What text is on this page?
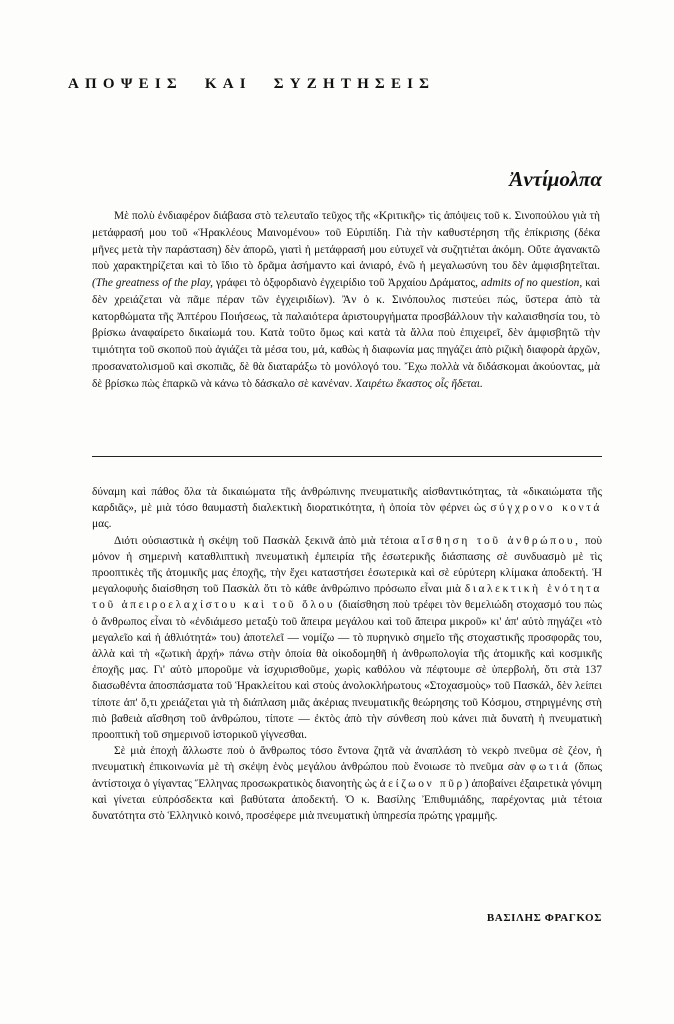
ΑΠΟΨΕΙΣ ΚΑΙ ΣΥΖΗΤΗΣΕΙΣ
Ἀντίμολπα

Μὲ πολὺ ἐνδιαφέρον διάβασα στὸ τελευταῖο τεῦχος τῆς «Κριτικῆς» τὶς ἀπόψεις τοῦ κ. Σινοπούλου γιὰ τὴ μετάφρασή μου τοῦ «Ἡρακλέους Μαινομένου» τοῦ Εὐριπίδη. Γιὰ τὴν καθυστέρηση τῆς ἐπίκρισης (δέκα μῆνες μετὰ τὴν παράσταση) δὲν ἀπορῶ, γιατὶ ἡ μετάφρασή μου εὐτυχεῖ νὰ συζητιέται ἀκόμη. Οὔτε ἀγανακτῶ ποὺ χαρακτηρίζεται καὶ τὸ ἴδιο τὸ δρᾶμα ἀσήμαντο καὶ ἀνιαρό, ἐνῶ ἡ μεγαλωσύνη του δὲν ἀμφισβητεῖται. (The greatness of the play, γράφει τὸ ὀξφορδιανὸ ἐγχειρίδιο τοῦ Ἀρχαίου Δράματος, admits of no question, καὶ δὲν χρειάζεται νὰ πᾶμε πέραν τῶν ἐγχειριδίων). Ἂν ὁ κ. Σινόπουλος πιστεύει πώς, ὕστερα ἀπὸ τὰ κατορθώματα τῆς Ἀπτέρου Ποιήσεως, τὰ παλαιότερα ἀριστουργήματα προσβάλλουν τὴν καλαισθησία του, τὸ βρίσκω ἀναφαίρετο δικαίωμά του. Κατὰ τοῦτο ὅμως καὶ κατὰ τὰ ἄλλα ποὺ ἐπιχειρεῖ, δὲν ἀμφισβητῶ τὴν τιμιότητα τοῦ σκοποῦ ποὺ ἁγιάζει τὰ μέσα του, μά, καθὼς ἡ διαφωνία μας πηγάζει ἀπὸ ριζικὴ διαφορὰ ἀρχῶν, προσανατολισμοῦ καὶ σκοπιᾶς, δὲ θὰ διαταράξω τὸ μονόλογό του. Ἔχω πολλὰ νὰ διδάσκομαι ἀκούοντας, μὰ δὲ βρίσκω πὼς ἐπαρκῶ νὰ κάνω τὸ δάσκαλο σὲ κανέναν. Χαιρέτω ἕκαστος οἷς ἥδεται.

δύναμη καὶ πάθος ὅλα τὰ δικαιώματα τῆς ἀνθρώπινης πνευματικῆς αἰσθαντικότητας, τὰ «δικαιώματα τῆς καρδιᾶς», μὲ μιὰ τόσο θαυμαστὴ διαλεκτικὴ διορατικότητα, ἡ ὁποία τὸν φέρνει ὡς σύγχρονο κοντά μας.

Διότι οὐσιαστικὰ ἡ σκέψη τοῦ Πασκὰλ ξεκινᾶ ἀπὸ μιὰ τέτοια αἴσθηση τοῦ ἀνθρώπου, ποὺ μόνον ἡ σημερινὴ καταθλιπτικὴ πνευματικὴ ἐμπειρία τῆς ἐσωτερικῆς διάσπασης σὲ συνδυασμὸ μὲ τὶς προοπτικὲς τῆς ἀτομικῆς μας ἐποχῆς, τὴν ἔχει καταστήσει ἐσωτερικὰ καὶ σὲ εὐρύτερη κλίμακα ἀποδεκτή. Ἡ μεγαλοφυὴς διαίσθηση τοῦ Πασκὰλ ὅτι τὸ κάθε ἀνθρώπινο πρόσωπο εἶναι μιὰ διαλεκτικὴ ἑνότητα τοῦ ἀπειροελαχίστου καὶ τοῦ ὅλου (διαίσθηση ποὺ τρέφει τὸν θεμελιώδη στοχασμό του πὼς ὁ ἄνθρωπος εἶναι τὸ «ἐνδιάμεσο μεταξὺ τοῦ ἄπειρα μεγάλου καὶ τοῦ ἄπειρα μικροῦ» κι' ἀπ' αὐτὸ πηγάζει «τὸ μεγαλεῖο καὶ ἡ ἀθλιότητά» του) ἀποτελεῖ — νομίζω — τὸ πυρηνικὸ σημεῖο τῆς στοχαστικῆς προσφορᾶς του, ἀλλὰ καὶ τὴ «ζωτικὴ ἀρχή» πάνω στὴν ὁποία θὰ οἰκοδομηθῆ ἡ ἀνθρωπολογία τῆς ἀτομικῆς καὶ κοσμικῆς ἐποχῆς μας. Γι' αὐτὸ μποροῦμε νὰ ἰσχυρισθοῦμε, χωρὶς καθόλου νὰ πέφτουμε σὲ ὑπερβολή, ὅτι στὰ 137 διασωθέντα ἀποσπάσματα τοῦ Ἡρακλείτου καὶ στοὺς ἀνολοκλήρωτους «Στοχασμοὺς» τοῦ Πασκάλ, δὲν λείπει τίποτε ἀπ' ὅ,τι χρειάζεται γιὰ τὴ διάπλαση μιᾶς ἀκέριας πνευματικῆς θεώρησης τοῦ Κόσμου, στηριγμένης στὴ πιὸ βαθειὰ αἴσθηση τοῦ ἀνθρώπου, τίποτε — ἐκτὸς ἀπὸ τὴν σύνθεση ποὺ κάνει πιὰ δυνατὴ ἡ πνευματικὴ προοπτικὴ τοῦ σημερινοῦ ἱστορικοῦ γίγνεσθαι.

Σὲ μιὰ ἐποχὴ ἄλλωστε ποὺ ὁ ἄνθρωπος τόσο ἔντονα ζητᾶ νὰ ἀναπλάση τὸ νεκρὸ πνεῦμα σὲ ζέον, ἡ πνευματικὴ ἐπικοινωνία μὲ τὴ σκέψη ἑνὸς μεγάλου ἀνθρώπου ποὺ ἔνοιωσε τὸ πνεῦμα σὰν φωτιά (ὅπως ἀντίστοιχα ὁ γίγαντας Ἕλληνας προσωκρατικὸς διανοητὴς ὡς ἀείζωον πῦρ) ἀποβαίνει ἐξαιρετικὰ γόνιμη καὶ γίνεται εὐπρόσδεκτα καὶ βαθύτατα ἀποδεκτή. Ὁ κ. Βασίλης Ἐπιθυμιάδης, παρέχοντας μιὰ τέτοια δυνατότητα στὸ Ἑλληνικὸ κοινό, προσέφερε μιὰ πνευματικὴ ὑπηρεσία πρώτης γραμμῆς.

ΒΑΣΙΛΗΣ ΦΡΑΓΚΟΣ
